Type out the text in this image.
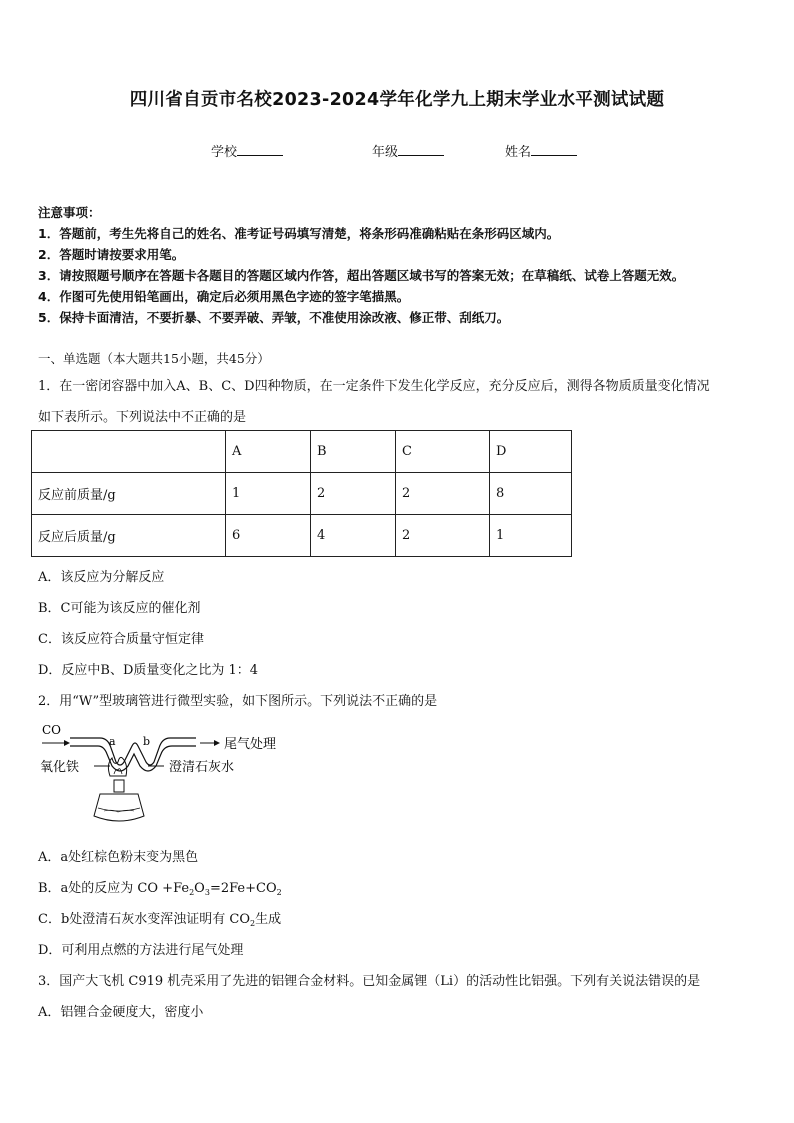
四川省自贡市名校2023-2024学年化学九上期末学业水平测试试题
学校	年级	姓名
注意事项：
1．答题前，考生先将自己的姓名、准考证号码填写清楚，将条形码准确粘贴在条形码区域内。
2．答题时请按要求用笔。
3．请按照题号顺序在答题卡各题目的答题区域内作答，超出答题区域书写的答案无效；在草稿纸、试卷上答题无效。
4．作图可先使用铅笔画出，确定后必须用黑色字迹的签字笔描黑。
5．保持卡面清洁，不要折暴、不要弄破、弄皱，不准使用涂改液、修正带、刮纸刀。
一、单选题（本大题共15小题，共45分）
1．在一密闭容器中加入A、B、C、D四种物质，在一定条件下发生化学反应，充分反应后，测得各物质质量变化情况
如下表所示。下列说法中不正确的是
	A	B	C	D
反应前质量/g	1	2	2	8
反应后质量/g	6	4	2	1
A．该反应为分解反应
B．C可能为该反应的催化剂
C．该反应符合质量守恒定律
D．反应中B、D质量变化之比为 1：4
2．用“W”型玻璃管进行微型实验，如下图所示。下列说法不正确的是
CO
a b	尾气处理
氧化铁	澄清石灰水
A．a处红棕色粉末变为黑色
B．a处的反应为 CO $+Fe_2O_3=2Fe+CO_2$
C．b处澄清石灰水变浑浊证明有 $CO_2$生成
D．可利用点燃的方法进行尾气处理
3．国产大飞机 C919 机壳采用了先进的铝锂合金材料。已知金属锂（Li）的活动性比铝强。下列有关说法错误的是
A．铝锂合金硬度大，密度小
